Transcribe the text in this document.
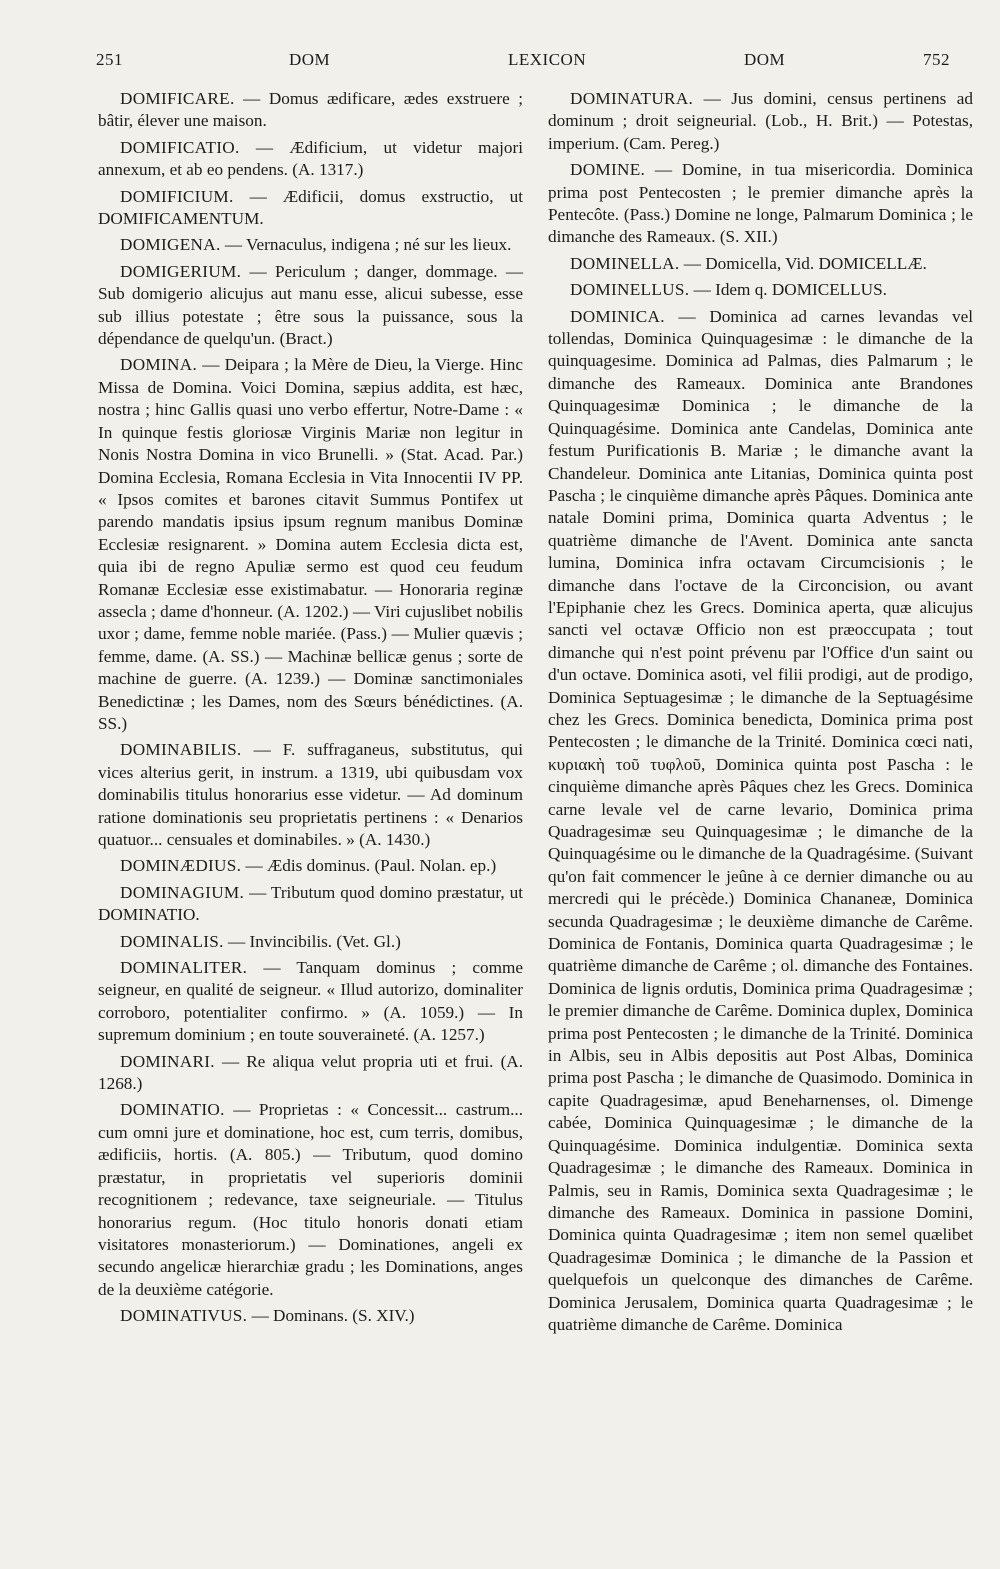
251	DOM	LEXICON	DOM	752

DOMIFICARE. — Domus ædificare, ædes exstruere ; bâtir, élever une maison.

DOMIFICATIO. — Ædificium, ut videtur majori annexum, et ab eo pendens. (A. 1317.)

DOMIFICIUM. — Ædificii, domus exstructio, ut DOMIFICAMENTUM.

DOMIGENA. — Vernaculus, indigena ; né sur les lieux.

DOMIGERIUM. — Periculum ; danger, dommage. — Sub domigerio alicujus aut manu esse, alicui subesse, esse sub illius potestate ; être sous la puissance, sous la dépendance de quelqu'un. (Bract.)

DOMINA. — Deipara ; la Mère de Dieu, la Vierge. Hinc Missa de Domina. Voici Domina, sæpius addita, est hæc, nostra ; hinc Gallis quasi uno verbo effertur, Notre-Dame : « In quinque festis gloriosæ Virginis Mariæ non legitur in Nonis Nostra Domina in vico Brunelli. » (Stat. Acad. Par.) Domina Ecclesia, Romana Ecclesia in Vita Innocentii IV PP. « Ipsos comites et barones citavit Summus Pontifex ut parendo mandatis ipsius ipsum regnum manibus Dominæ Ecclesiæ resignarent. » Domina autem Ecclesia dicta est, quia ibi de regno Apuliæ sermo est quod ceu feudum Romanæ Ecclesiæ esse existimabatur. — Honoraria reginæ assecla ; dame d'honneur. (A. 1202.) — Viri cujuslibet nobilis uxor ; dame, femme noble mariée. (Pass.) — Mulier quævis ; femme, dame. (A. SS.) — Machinæ bellicæ genus ; sorte de machine de guerre. (A. 1239.) — Dominæ sanctimoniales Benedictinæ ; les Dames, nom des Sœurs bénédictines. (A. SS.)

DOMINABILIS. — F. suffraganeus, substitutus, qui vices alterius gerit, in instrum. a 1319, ubi quibusdam vox dominabilis titulus honorarius esse videtur. — Ad dominum ratione dominationis seu proprietatis pertinens : « Denarios quatuor... censuales et dominabiles. » (A. 1430.)

DOMINÆDIUS. — Ædis dominus. (Paul. Nolan. ep.)

DOMINAGIUM. — Tributum quod domino præstatur, ut DOMINATIO.

DOMINALIS. — Invincibilis. (Vet. Gl.)

DOMINALITER. — Tanquam dominus ; comme seigneur, en qualité de seigneur. « Illud autorizo, dominaliter corroboro, potentialiter confirmo. » (A. 1059.) — In supremum dominium ; en toute souveraineté. (A. 1257.)

DOMINARI. — Re aliqua velut propria uti et frui. (A. 1268.)

DOMINATIO. — Proprietas : « Concessit... castrum... cum omni jure et dominatione, hoc est, cum terris, domibus, ædificiis, hortis. (A. 805.) — Tributum, quod domino præstatur, in proprietatis vel superioris dominii recognitionem ; redevance, taxe seigneuriale. — Titulus honorarius regum. (Hoc titulo honoris donati etiam visitatores monasteriorum.) — Dominationes, angeli ex secundo angelicæ hierarchiæ gradu ; les Dominations, anges de la deuxième catégorie.

DOMINATIVUS. — Dominans. (S. XIV.)

DOMINATURA. — Jus domini, census pertinens ad dominum ; droit seigneurial. (Lob., H. Brit.) — Potestas, imperium. (Cam. Pereg.)

DOMINE. — Domine, in tua misericordia. Dominica prima post Pentecosten ; le premier dimanche après la Pentecôte. (Pass.) Domine ne longe, Palmarum Dominica ; le dimanche des Rameaux. (S. XII.)

DOMINELLA. — Domicella, Vid. DOMICELLÆ.

DOMINELLUS. — Idem q. DOMICELLUS.

DOMINICA. — Dominica ad carnes levandas vel tollendas, Dominica Quinquagesimæ : le dimanche de la quinquagesime. Dominica ad Palmas, dies Palmarum ; le dimanche des Rameaux. Dominica ante Brandones Quinquagesimæ Dominica ; le dimanche de la Quinquagésime. Dominica ante Candelas, Dominica ante festum Purificationis B. Mariæ ; le dimanche avant la Chandeleur. Dominica ante Litanias, Dominica quinta post Pascha ; le cinquième dimanche après Pâques. Dominica ante natale Domini prima, Dominica quarta Adventus ; le quatrième dimanche de l'Avent. Dominica ante sancta lumina, Dominica infra octavam Circumcisionis ; le dimanche dans l'octave de la Circoncision, ou avant l'Epiphanie chez les Grecs. Dominica aperta, quæ alicujus sancti vel octavæ Officio non est præoccupata ; tout dimanche qui n'est point prévenu par l'Office d'un saint ou d'un octave. Dominica asoti, vel filii prodigi, aut de prodigo, Dominica Septuagesimæ ; le dimanche de la Septuagésime chez les Grecs. Dominica benedicta, Dominica prima post Pentecosten ; le dimanche de la Trinité. Dominica cœci nati, κυριακὴ τοῦ τυφλοῦ, Dominica quinta post Pascha : le cinquième dimanche après Pâques chez les Grecs. Dominica carne levale vel de carne levario, Dominica prima Quadragesimæ seu Quinquagesimæ ; le dimanche de la Quinquagésime ou le dimanche de la Quadragésime. (Suivant qu'on fait commencer le jeûne à ce dernier dimanche ou au mercredi qui le précède.) Dominica Chananeæ, Dominica secunda Quadragesimæ ; le deuxième dimanche de Carême. Dominica de Fontanis, Dominica quarta Quadragesimæ ; le quatrième dimanche de Carême ; ol. dimanche des Fontaines. Dominica de lignis ordutis, Dominica prima Quadragesimæ ; le premier dimanche de Carême. Dominica duplex, Dominica prima post Pentecosten ; le dimanche de la Trinité. Dominica in Albis, seu in Albis depositis aut Post Albas, Dominica prima post Pascha ; le dimanche de Quasimodo. Dominica in capite Quadragesimæ, apud Beneharnenses, ol. Dimenge cabée, Dominica Quinquagesimæ ; le dimanche de la Quinquagésime. Dominica indulgentiæ. Dominica sexta Quadragesimæ ; le dimanche des Rameaux. Dominica in Palmis, seu in Ramis, Dominica sexta Quadragesimæ ; le dimanche des Rameaux. Dominica in passione Domini, Dominica quinta Quadragesimæ ; item non semel quælibet Quadragesimæ Dominica ; le dimanche de la Passion et quelquefois un quelconque des dimanches de Carême. Dominica Jerusalem, Dominica quarta Quadragesimæ ; le quatrième dimanche de Carême. Dominica
